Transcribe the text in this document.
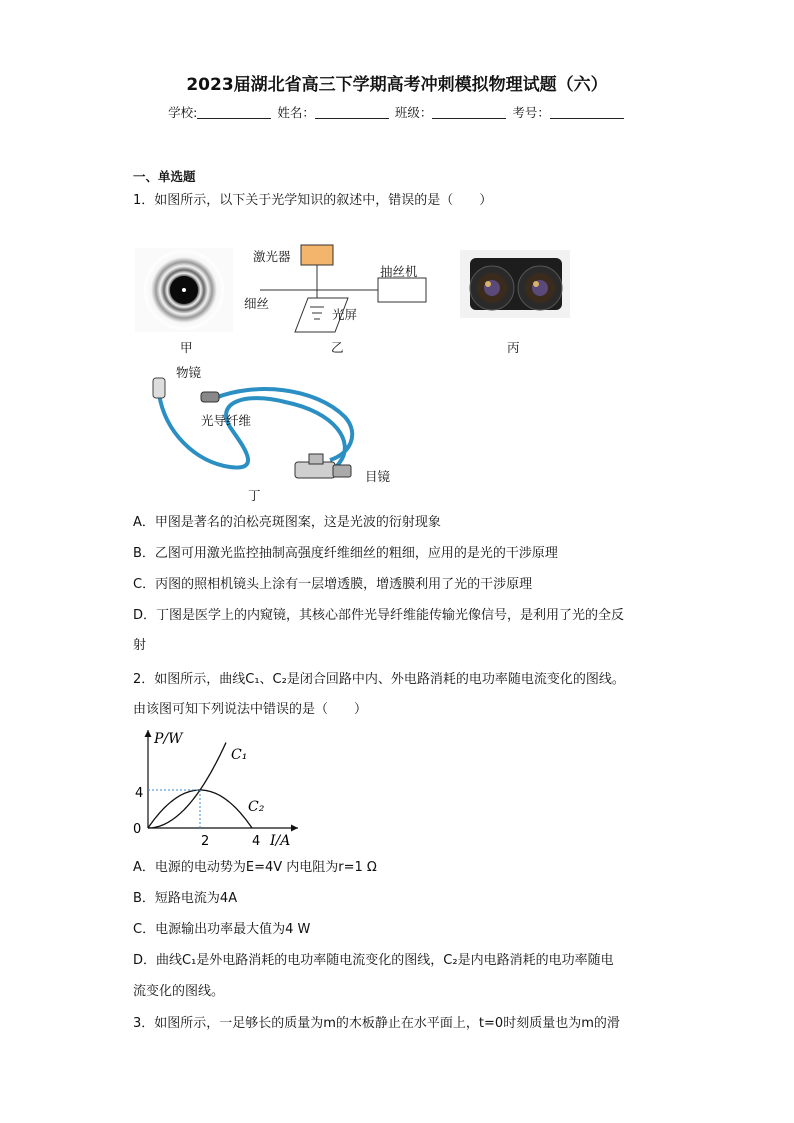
2023届湖北省高三下学期高考冲刺模拟物理试题（六）
学校:	姓名：	班级：	考号：
一、单选题
1．如图所示，以下关于光学知识的叙述中，错误的是（　　）
甲
激光器
抽丝机
细丝
光屏
乙	丙
物镜
光导纤维
目镜
丁
A．甲图是著名的泊松亮斑图案，这是光波的衍射现象
B．乙图可用激光监控抽制高强度纤维细丝的粗细，应用的是光的干涉原理
C．丙图的照相机镜头上涂有一层增透膜，增透膜利用了光的干涉原理
D．丁图是医学上的内窥镜，其核心部件光导纤维能传输光像信号，是利用了光的全反
射
2．如图所示，曲线C₁、C₂是闭合回路中内、外电路消耗的电功率随电流变化的图线。
由该图可知下列说法中错误的是（　　）
P/W
I/A
0
2	4
4
C₁
C₂
A．电源的电动势为E=4V 内电阻为r=1 Ω
B．短路电流为4A
C．电源输出功率最大值为4 W
D．曲线C₁是外电路消耗的电功率随电流变化的图线，C₂是内电路消耗的电功率随电
流变化的图线。
3．如图所示，一足够长的质量为m的木板静止在水平面上，t=0时刻质量也为m的滑
